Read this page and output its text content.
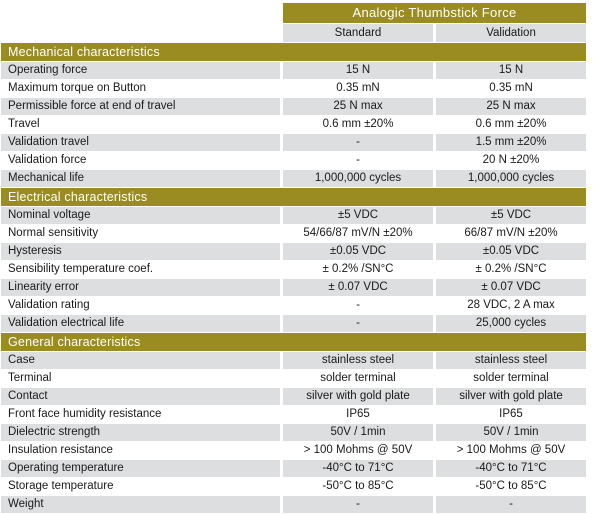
		Analogic Thumbstick Force		
		Standard		Validation
Mechanical characteristics				
Operating force		15 N		15 N
Maximum torque on Button		0.35 mN		0.35 mN
Permissible force at end of travel		25 N max		25 N max
Travel		0.6 mm ±20%		0.6 mm ±20%
Validation travel		-		1.5 mm ±20%
Validation force		-		20 N ±20%
Mechanical life		1,000,000 cycles		1,000,000 cycles
Electrical characteristics				
Nominal voltage		±5 VDC		±5 VDC
Normal sensitivity		54/66/87 mV/N ±20%		66/87 mV/N ±20%
Hysteresis		±0.05 VDC		±0.05 VDC
Sensibility temperature coef.		± 0.2% /SN°C		± 0.2% /SN°C
Linearity error		± 0.07 VDC		± 0.07 VDC
Validation rating		-		28 VDC, 2 A max
Validation electrical life		-		25,000 cycles
General characteristics				
Case		stainless steel		stainless steel
Terminal		solder terminal		solder terminal
Contact		silver with gold plate		silver with gold plate
Front face humidity resistance		IP65		IP65
Dielectric strength		50V / 1min		50V / 1min
Insulation resistance		> 100 Mohms @ 50V		> 100 Mohms @ 50V
Operating temperature		-40°C to 71°C		-40°C to 71°C
Storage temperature		-50°C to 85°C		-50°C to 85°C
Weight		-		-
